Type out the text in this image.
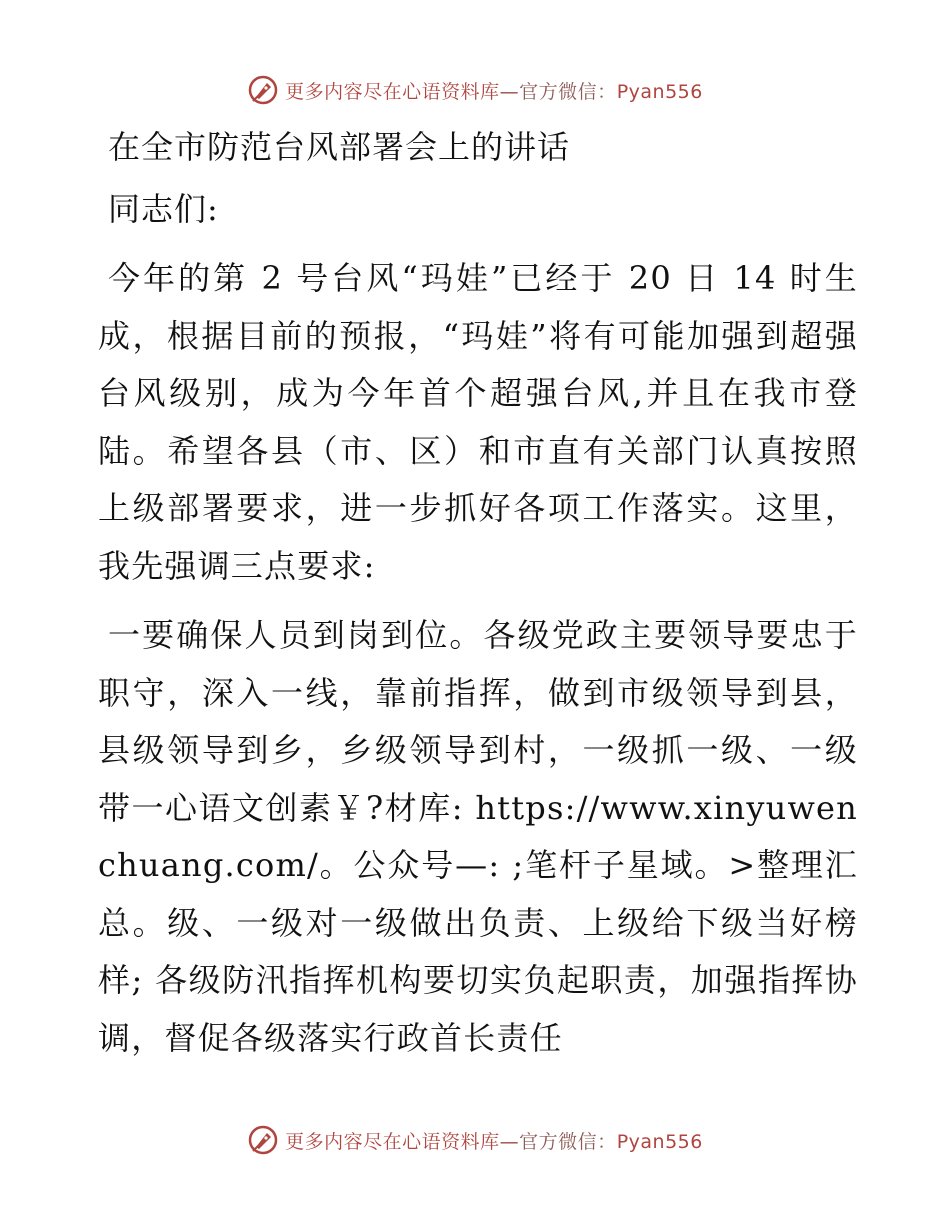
更多内容尽在心语资料库—官方微信：Pyan556
在全市防范台风部署会上的讲话
同志们:

今年的第 2 号台风“玛娃”已经于 20 日 14 时生成，根据目前的预报，“玛娃”将有可能加强到超强台风级别，成为今年首个超强台风,并且在我市登陆。希望各县（市、区）和市直有关部门认真按照上级部署要求，进一步抓好各项工作落实。这里，我先强调三点要求:

一要确保人员到岗到位。各级党政主要领导要忠于职守，深入一线，靠前指挥，做到市级领导到县，县级领导到乡，乡级领导到村，一级抓一级、一级带一心语文创素￥?材库: https://www.xinyuwenchuang.com/。公众号—: ;笔杆子星域。>整理汇总。级、一级对一级做出负责、上级给下级当好榜样; 各级防汛指挥机构要切实负起职责，加强指挥协调，督促各级落实行政首长责任

更多内容尽在心语资料库—官方微信：Pyan556
